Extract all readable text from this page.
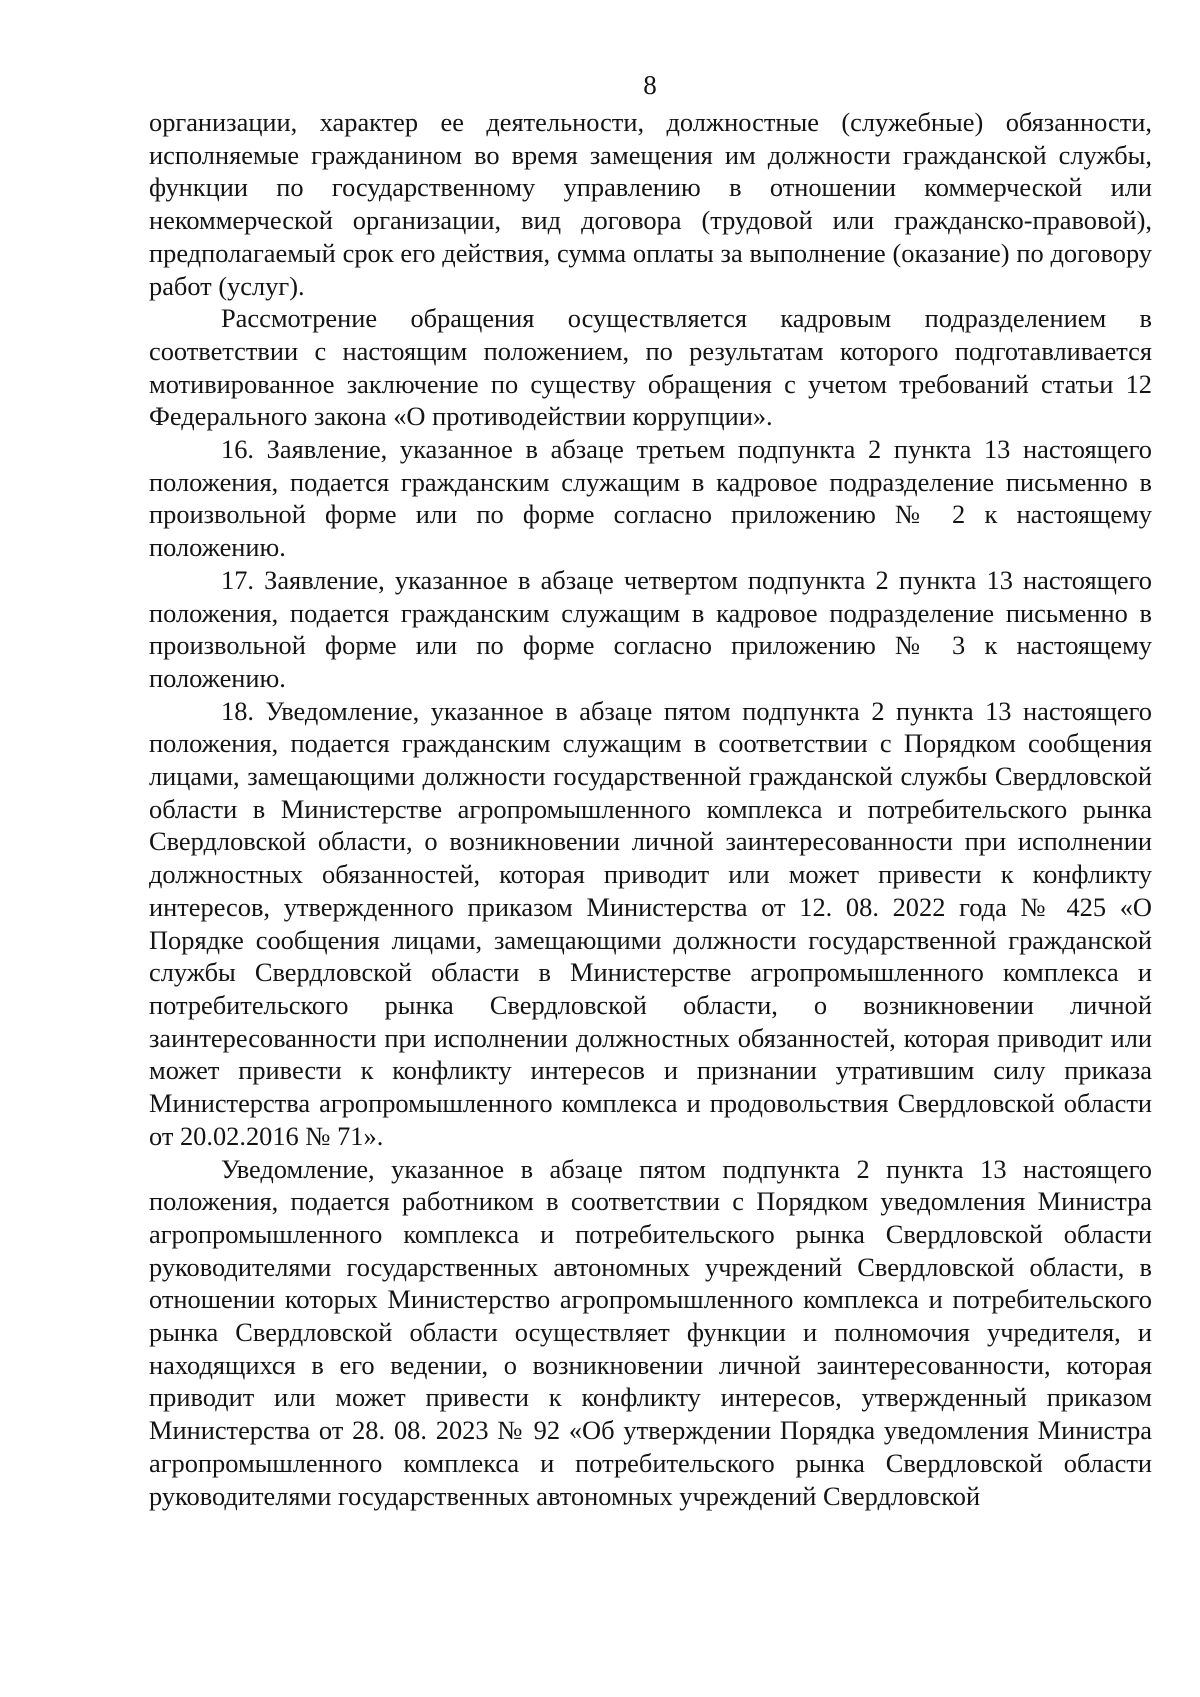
8

организации, характер ее деятельности, должностные (служебные) обязанности, исполняемые гражданином во время замещения им должности гражданской службы, функции по государственному управлению в отношении коммерческой или некоммерческой организации, вид договора (трудовой или гражданско-правовой), предполагаемый срок его действия, сумма оплаты за выполнение (оказание) по договору работ (услуг).

Рассмотрение обращения осуществляется кадровым подразделением в соответствии с настоящим положением, по результатам которого подготавливается мотивированное заключение по существу обращения с учетом требований статьи 12 Федерального закона «О противодействии коррупции».

16. Заявление, указанное в абзаце третьем подпункта 2 пункта 13 настоящего положения, подается гражданским служащим в кадровое подразделение письменно в произвольной форме или по форме согласно приложению № 2 к настоящему положению.

17. Заявление, указанное в абзаце четвертом подпункта 2 пункта 13 настоящего положения, подается гражданским служащим в кадровое подразделение письменно в произвольной форме или по форме согласно приложению № 3 к настоящему положению.

18. Уведомление, указанное в абзаце пятом подпункта 2 пункта 13 настоящего положения, подается гражданским служащим в соответствии с Порядком сообщения лицами, замещающими должности государственной гражданской службы Свердловской области в Министерстве агропромышленного комплекса и потребительского рынка Свердловской области, о возникновении личной заинтересованности при исполнении должностных обязанностей, которая приводит или может привести к конфликту интересов, утвержденного приказом Министерства от 12. 08. 2022 года № 425 «О Порядке сообщения лицами, замещающими должности государственной гражданской службы Свердловской области в Министерстве агропромышленного комплекса и потребительского рынка Свердловской области, о возникновении личной заинтересованности при исполнении должностных обязанностей, которая приводит или может привести к конфликту интересов и признании утратившим силу приказа Министерства агропромышленного комплекса и продовольствия Свердловской области от 20.02.2016 № 71».

Уведомление, указанное в абзаце пятом подпункта 2 пункта 13 настоящего положения, подается работником в соответствии с Порядком уведомления Министра агропромышленного комплекса и потребительского рынка Свердловской области руководителями государственных автономных учреждений Свердловской области, в отношении которых Министерство агропромышленного комплекса и потребительского рынка Свердловской области осуществляет функции и полномочия учредителя, и находящихся в его ведении, о возникновении личной заинтересованности, которая приводит или может привести к конфликту интересов, утвержденный приказом Министерства от 28. 08. 2023 № 92 «Об утверждении Порядка уведомления Министра агропромышленного комплекса и потребительского рынка Свердловской области руководителями государственных автономных учреждений Свердловской
